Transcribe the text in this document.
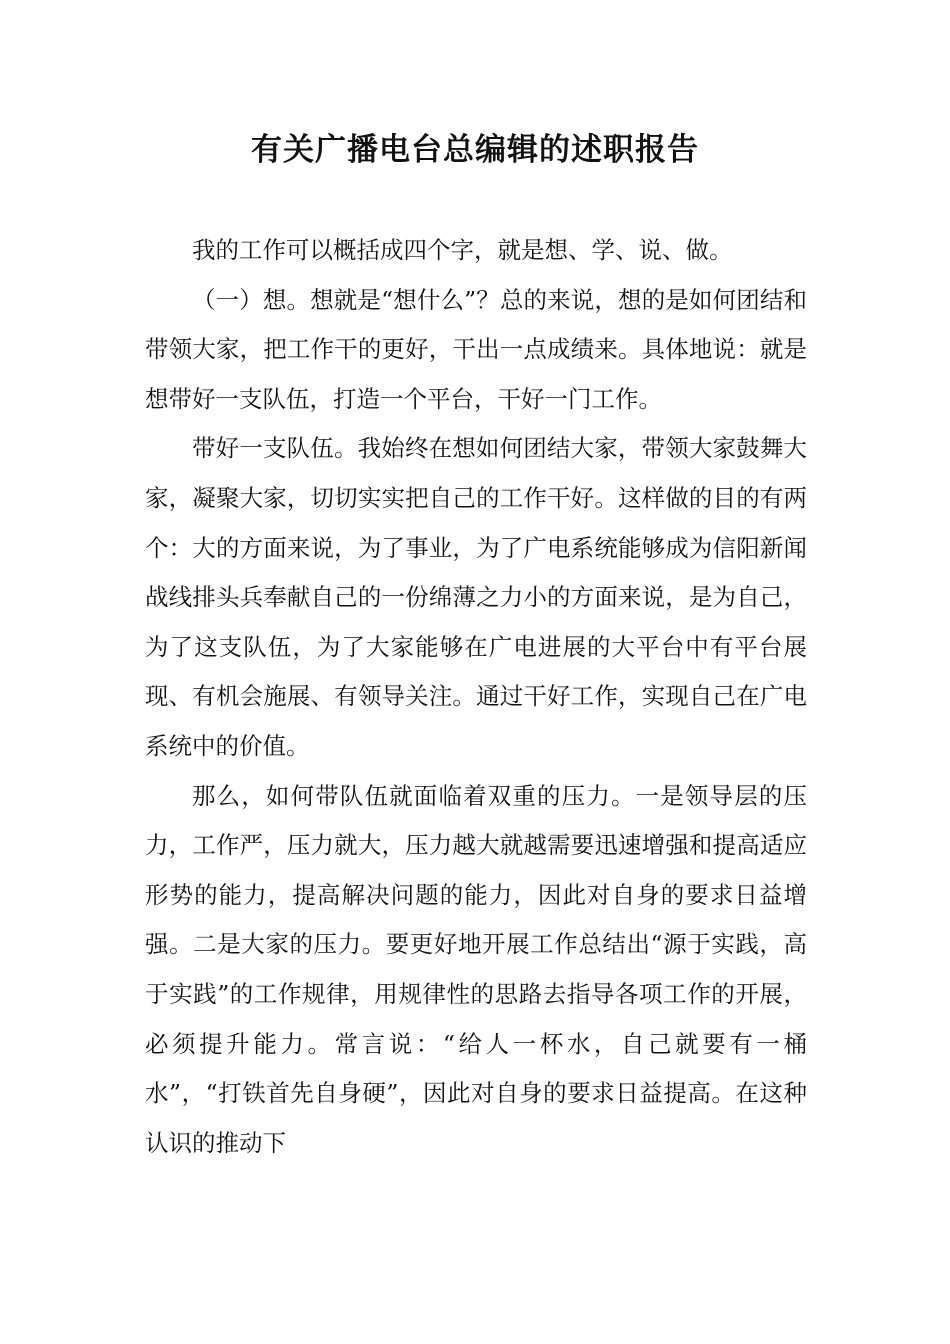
有关广播电台总编辑的述职报告

我的工作可以概括成四个字，就是想、学、说、做。

（一）想。想就是“想什么”？总的来说，想的是如何团结和带领大家，把工作干的更好，干出一点成绩来。具体地说：就是想带好一支队伍，打造一个平台，干好一门工作。

带好一支队伍。我始终在想如何团结大家，带领大家鼓舞大家，凝聚大家，切切实实把自己的工作干好。这样做的目的有两个：大的方面来说，为了事业，为了广电系统能够成为信阳新闻战线排头兵奉献自己的一份绵薄之力小的方面来说，是为自己，为了这支队伍，为了大家能够在广电进展的大平台中有平台展现、有机会施展、有领导关注。通过干好工作，实现自己在广电系统中的价值。

那么，如何带队伍就面临着双重的压力。一是领导层的压力，工作严，压力就大，压力越大就越需要迅速增强和提高适应形势的能力，提高解决问题的能力，因此对自身的要求日益增强。二是大家的压力。要更好地开展工作总结出“源于实践，高于实践”的工作规律，用规律性的思路去指导各项工作的开展，必须提升能力。常言说：“给人一杯水，自己就要有一桶水”，“打铁首先自身硬”，因此对自身的要求日益提高。在这种认识的推动下
